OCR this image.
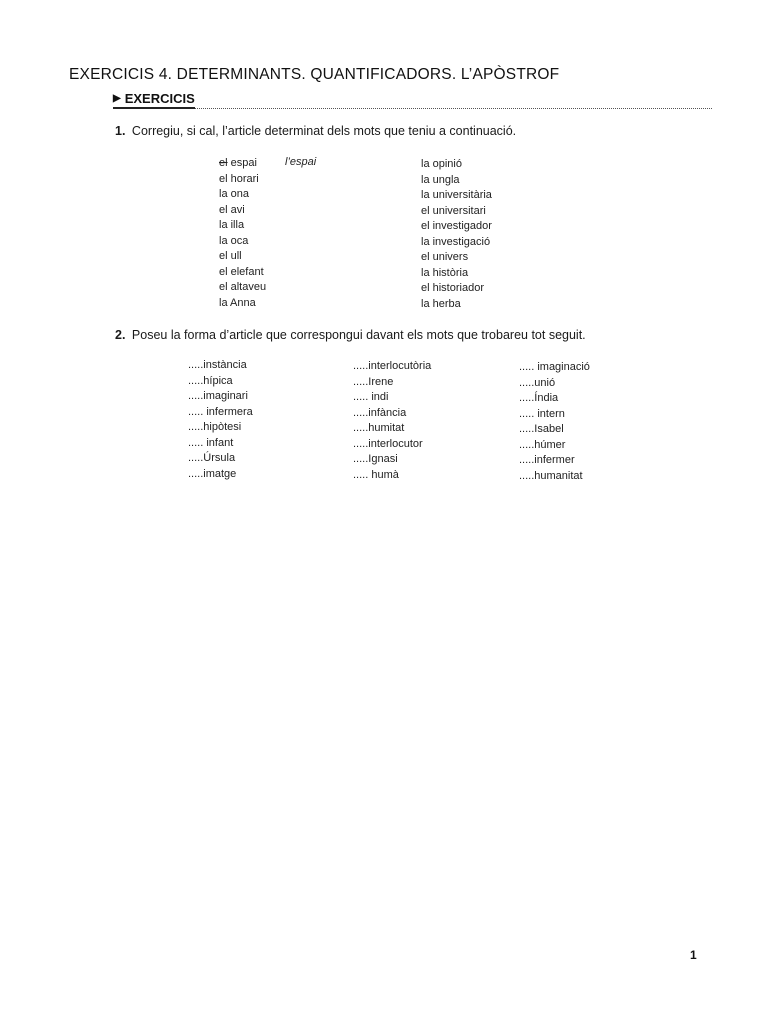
EXERCICIS 4. DETERMINANTS. QUANTIFICADORS. L’APÒSTROF
▶ EXERCICIS
1. Corregiu, si cal, l’article determinat dels mots que teniu a continuació.
el espai
el horari
la ona
el avi
la illa
la oca
el ull
el elefant
el altaveu
la Anna
l’espai	la opinió
la ungla
la universitària
el universitari
el investigador
la investigació
el univers
la història
el historiador
la herba
2. Poseu la forma d’article que correspongui davant els mots que trobareu tot seguit.
.....instància
.....hípica
.....imaginari
..... infermera
.....hipòtesi
..... infant
.....Úrsula
.....imatge
.....interlocutòria
.....Irene
..... indi
.....infància
.....humitat
.....interlocutor
.....Ignasi
..... humà
..... imaginació
.....unió
.....Índia
..... intern
.....Isabel
.....húmer
.....infermer
.....humanitat
1
